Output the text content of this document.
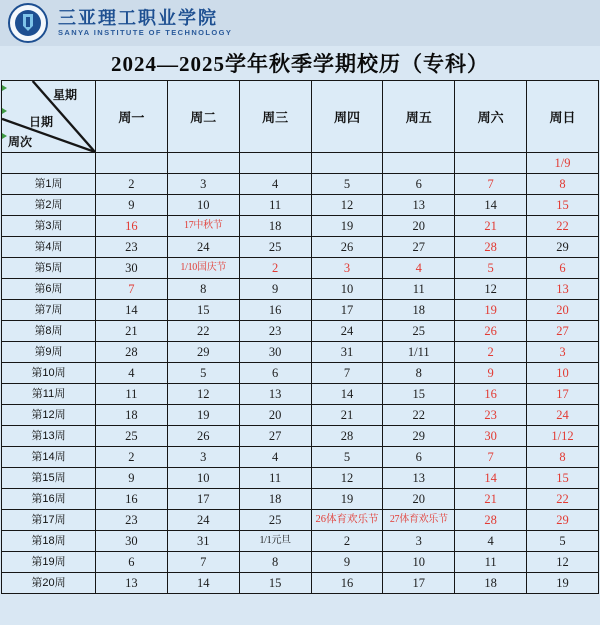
三亚理工职业学院
SANYA INSTITUTE OF TECHNOLOGY
2024—2025学年秋季学期校历（专科）
星期
日期
周次	周一	周二	周三	周四	周五	周六	周日
							1/9
第1周	2	3	4	5	6	7	8
第2周	9	10	11	12	13	14	15
第3周	16	17中秋节	18	19	20	21	22
第4周	23	24	25	26	27	28	29
第5周	30	1/10国庆节	2	3	4	5	6
第6周	7	8	9	10	11	12	13
第7周	14	15	16	17	18	19	20
第8周	21	22	23	24	25	26	27
第9周	28	29	30	31	1/11	2	3
第10周	4	5	6	7	8	9	10
第11周	11	12	13	14	15	16	17
第12周	18	19	20	21	22	23	24
第13周	25	26	27	28	29	30	1/12
第14周	2	3	4	5	6	7	8
第15周	9	10	11	12	13	14	15
第16周	16	17	18	19	20	21	22
第17周	23	24	25	26体育欢乐节	27体育欢乐节	28	29
第18周	30	31	1/1元旦	2	3	4	5
第19周	6	7	8	9	10	11	12
第20周	13	14	15	16	17	18	19
